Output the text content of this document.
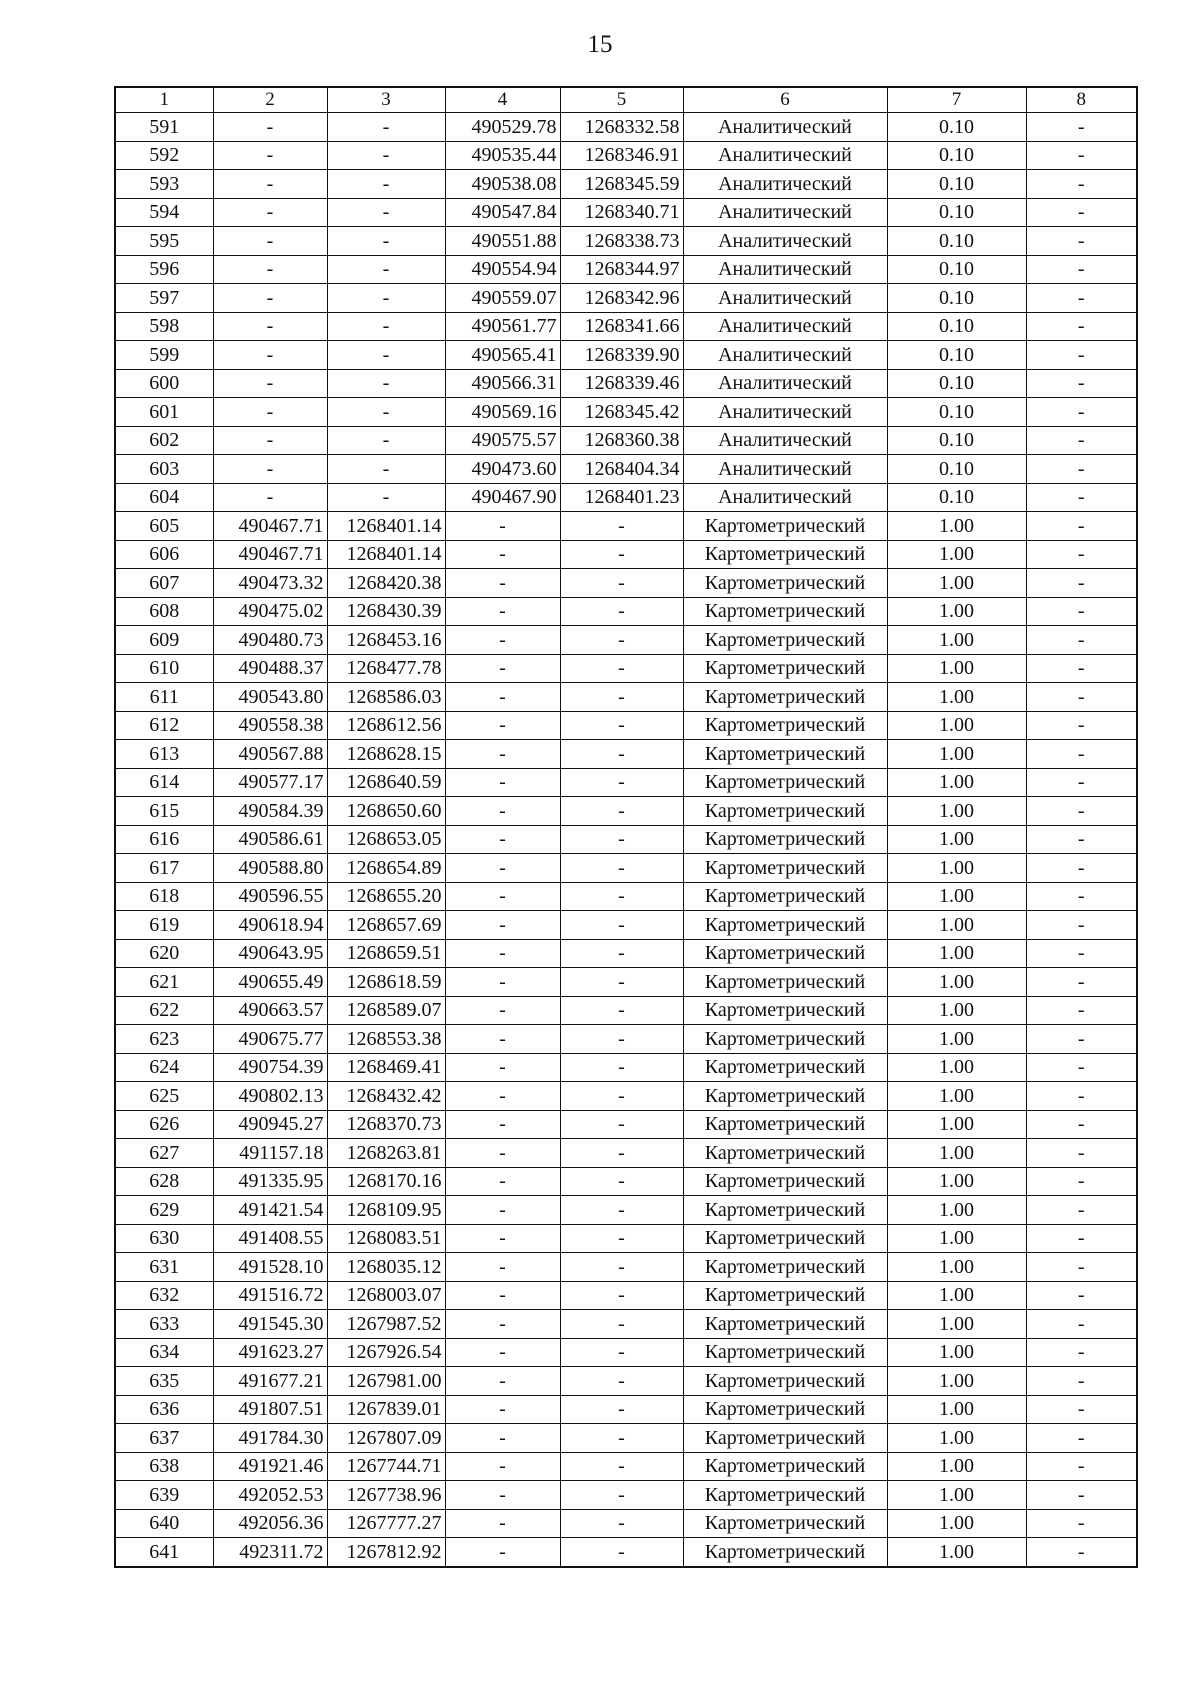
15
1	2	3	4	5	6	7	8
591	-	-	490529.78	1268332.58	Аналитический	0.10	-
592	-	-	490535.44	1268346.91	Аналитический	0.10	-
593	-	-	490538.08	1268345.59	Аналитический	0.10	-
594	-	-	490547.84	1268340.71	Аналитический	0.10	-
595	-	-	490551.88	1268338.73	Аналитический	0.10	-
596	-	-	490554.94	1268344.97	Аналитический	0.10	-
597	-	-	490559.07	1268342.96	Аналитический	0.10	-
598	-	-	490561.77	1268341.66	Аналитический	0.10	-
599	-	-	490565.41	1268339.90	Аналитический	0.10	-
600	-	-	490566.31	1268339.46	Аналитический	0.10	-
601	-	-	490569.16	1268345.42	Аналитический	0.10	-
602	-	-	490575.57	1268360.38	Аналитический	0.10	-
603	-	-	490473.60	1268404.34	Аналитический	0.10	-
604	-	-	490467.90	1268401.23	Аналитический	0.10	-
605	490467.71	1268401.14	-	-	Картометрический	1.00	-
606	490467.71	1268401.14	-	-	Картометрический	1.00	-
607	490473.32	1268420.38	-	-	Картометрический	1.00	-
608	490475.02	1268430.39	-	-	Картометрический	1.00	-
609	490480.73	1268453.16	-	-	Картометрический	1.00	-
610	490488.37	1268477.78	-	-	Картометрический	1.00	-
611	490543.80	1268586.03	-	-	Картометрический	1.00	-
612	490558.38	1268612.56	-	-	Картометрический	1.00	-
613	490567.88	1268628.15	-	-	Картометрический	1.00	-
614	490577.17	1268640.59	-	-	Картометрический	1.00	-
615	490584.39	1268650.60	-	-	Картометрический	1.00	-
616	490586.61	1268653.05	-	-	Картометрический	1.00	-
617	490588.80	1268654.89	-	-	Картометрический	1.00	-
618	490596.55	1268655.20	-	-	Картометрический	1.00	-
619	490618.94	1268657.69	-	-	Картометрический	1.00	-
620	490643.95	1268659.51	-	-	Картометрический	1.00	-
621	490655.49	1268618.59	-	-	Картометрический	1.00	-
622	490663.57	1268589.07	-	-	Картометрический	1.00	-
623	490675.77	1268553.38	-	-	Картометрический	1.00	-
624	490754.39	1268469.41	-	-	Картометрический	1.00	-
625	490802.13	1268432.42	-	-	Картометрический	1.00	-
626	490945.27	1268370.73	-	-	Картометрический	1.00	-
627	491157.18	1268263.81	-	-	Картометрический	1.00	-
628	491335.95	1268170.16	-	-	Картометрический	1.00	-
629	491421.54	1268109.95	-	-	Картометрический	1.00	-
630	491408.55	1268083.51	-	-	Картометрический	1.00	-
631	491528.10	1268035.12	-	-	Картометрический	1.00	-
632	491516.72	1268003.07	-	-	Картометрический	1.00	-
633	491545.30	1267987.52	-	-	Картометрический	1.00	-
634	491623.27	1267926.54	-	-	Картометрический	1.00	-
635	491677.21	1267981.00	-	-	Картометрический	1.00	-
636	491807.51	1267839.01	-	-	Картометрический	1.00	-
637	491784.30	1267807.09	-	-	Картометрический	1.00	-
638	491921.46	1267744.71	-	-	Картометрический	1.00	-
639	492052.53	1267738.96	-	-	Картометрический	1.00	-
640	492056.36	1267777.27	-	-	Картометрический	1.00	-
641	492311.72	1267812.92	-	-	Картометрический	1.00	-
